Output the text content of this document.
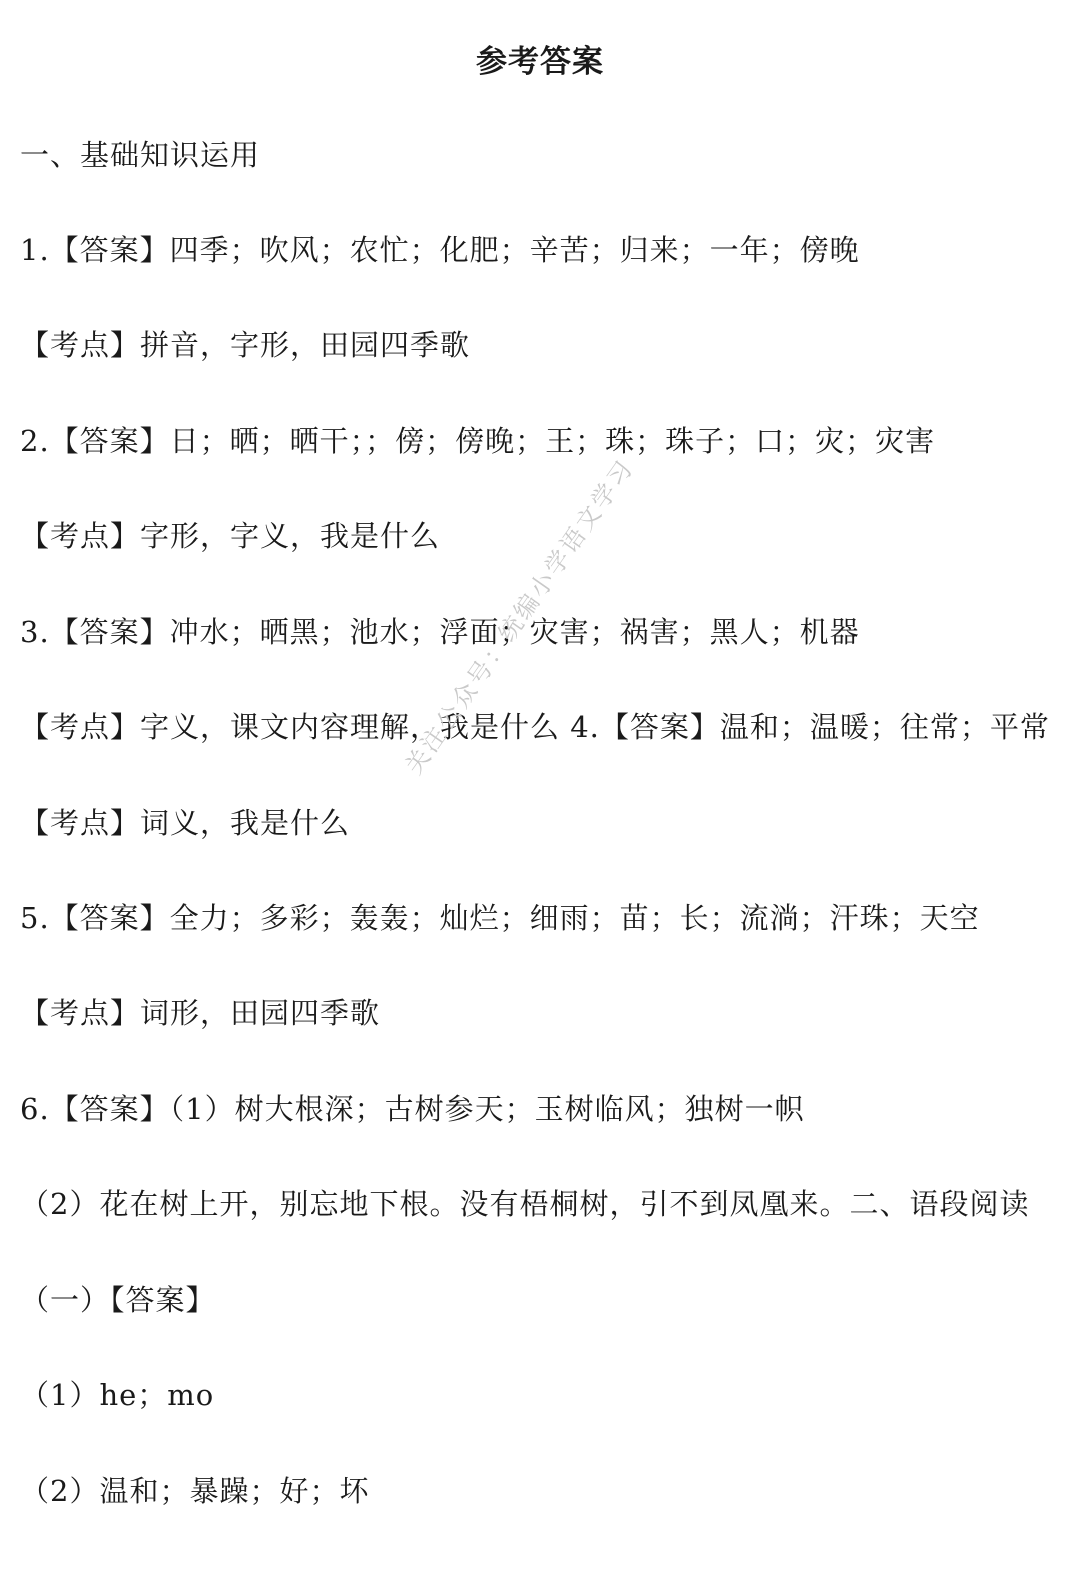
参考答案
一、基础知识运用
1.【答案】四季；吹风；农忙；化肥；辛苦；归来；一年；傍晚
【考点】拼音，字形，田园四季歌
2.【答案】日；晒；晒干；；傍；傍晚；王；珠；珠子；口；灾；灾害
【考点】字形，字义，我是什么
3.【答案】冲水；晒黑；池水；浮面；灾害；祸害；黑人；机器
【考点】字义，课文内容理解，我是什么 4.【答案】温和；温暖；往常；平常
【考点】词义，我是什么
5.【答案】全力；多彩；轰轰；灿烂；细雨；苗；长；流淌；汗珠；天空
【考点】词形，田园四季歌
6.【答案】（1）树大根深；古树参天；玉树临风；独树一帜
（2）花在树上开，别忘地下根。没有梧桐树，引不到凤凰来。二、语段阅读
（一）【答案】
（1）he；mo
（2）温和；暴躁；好；坏
关注公众号：统编小学语文学习
